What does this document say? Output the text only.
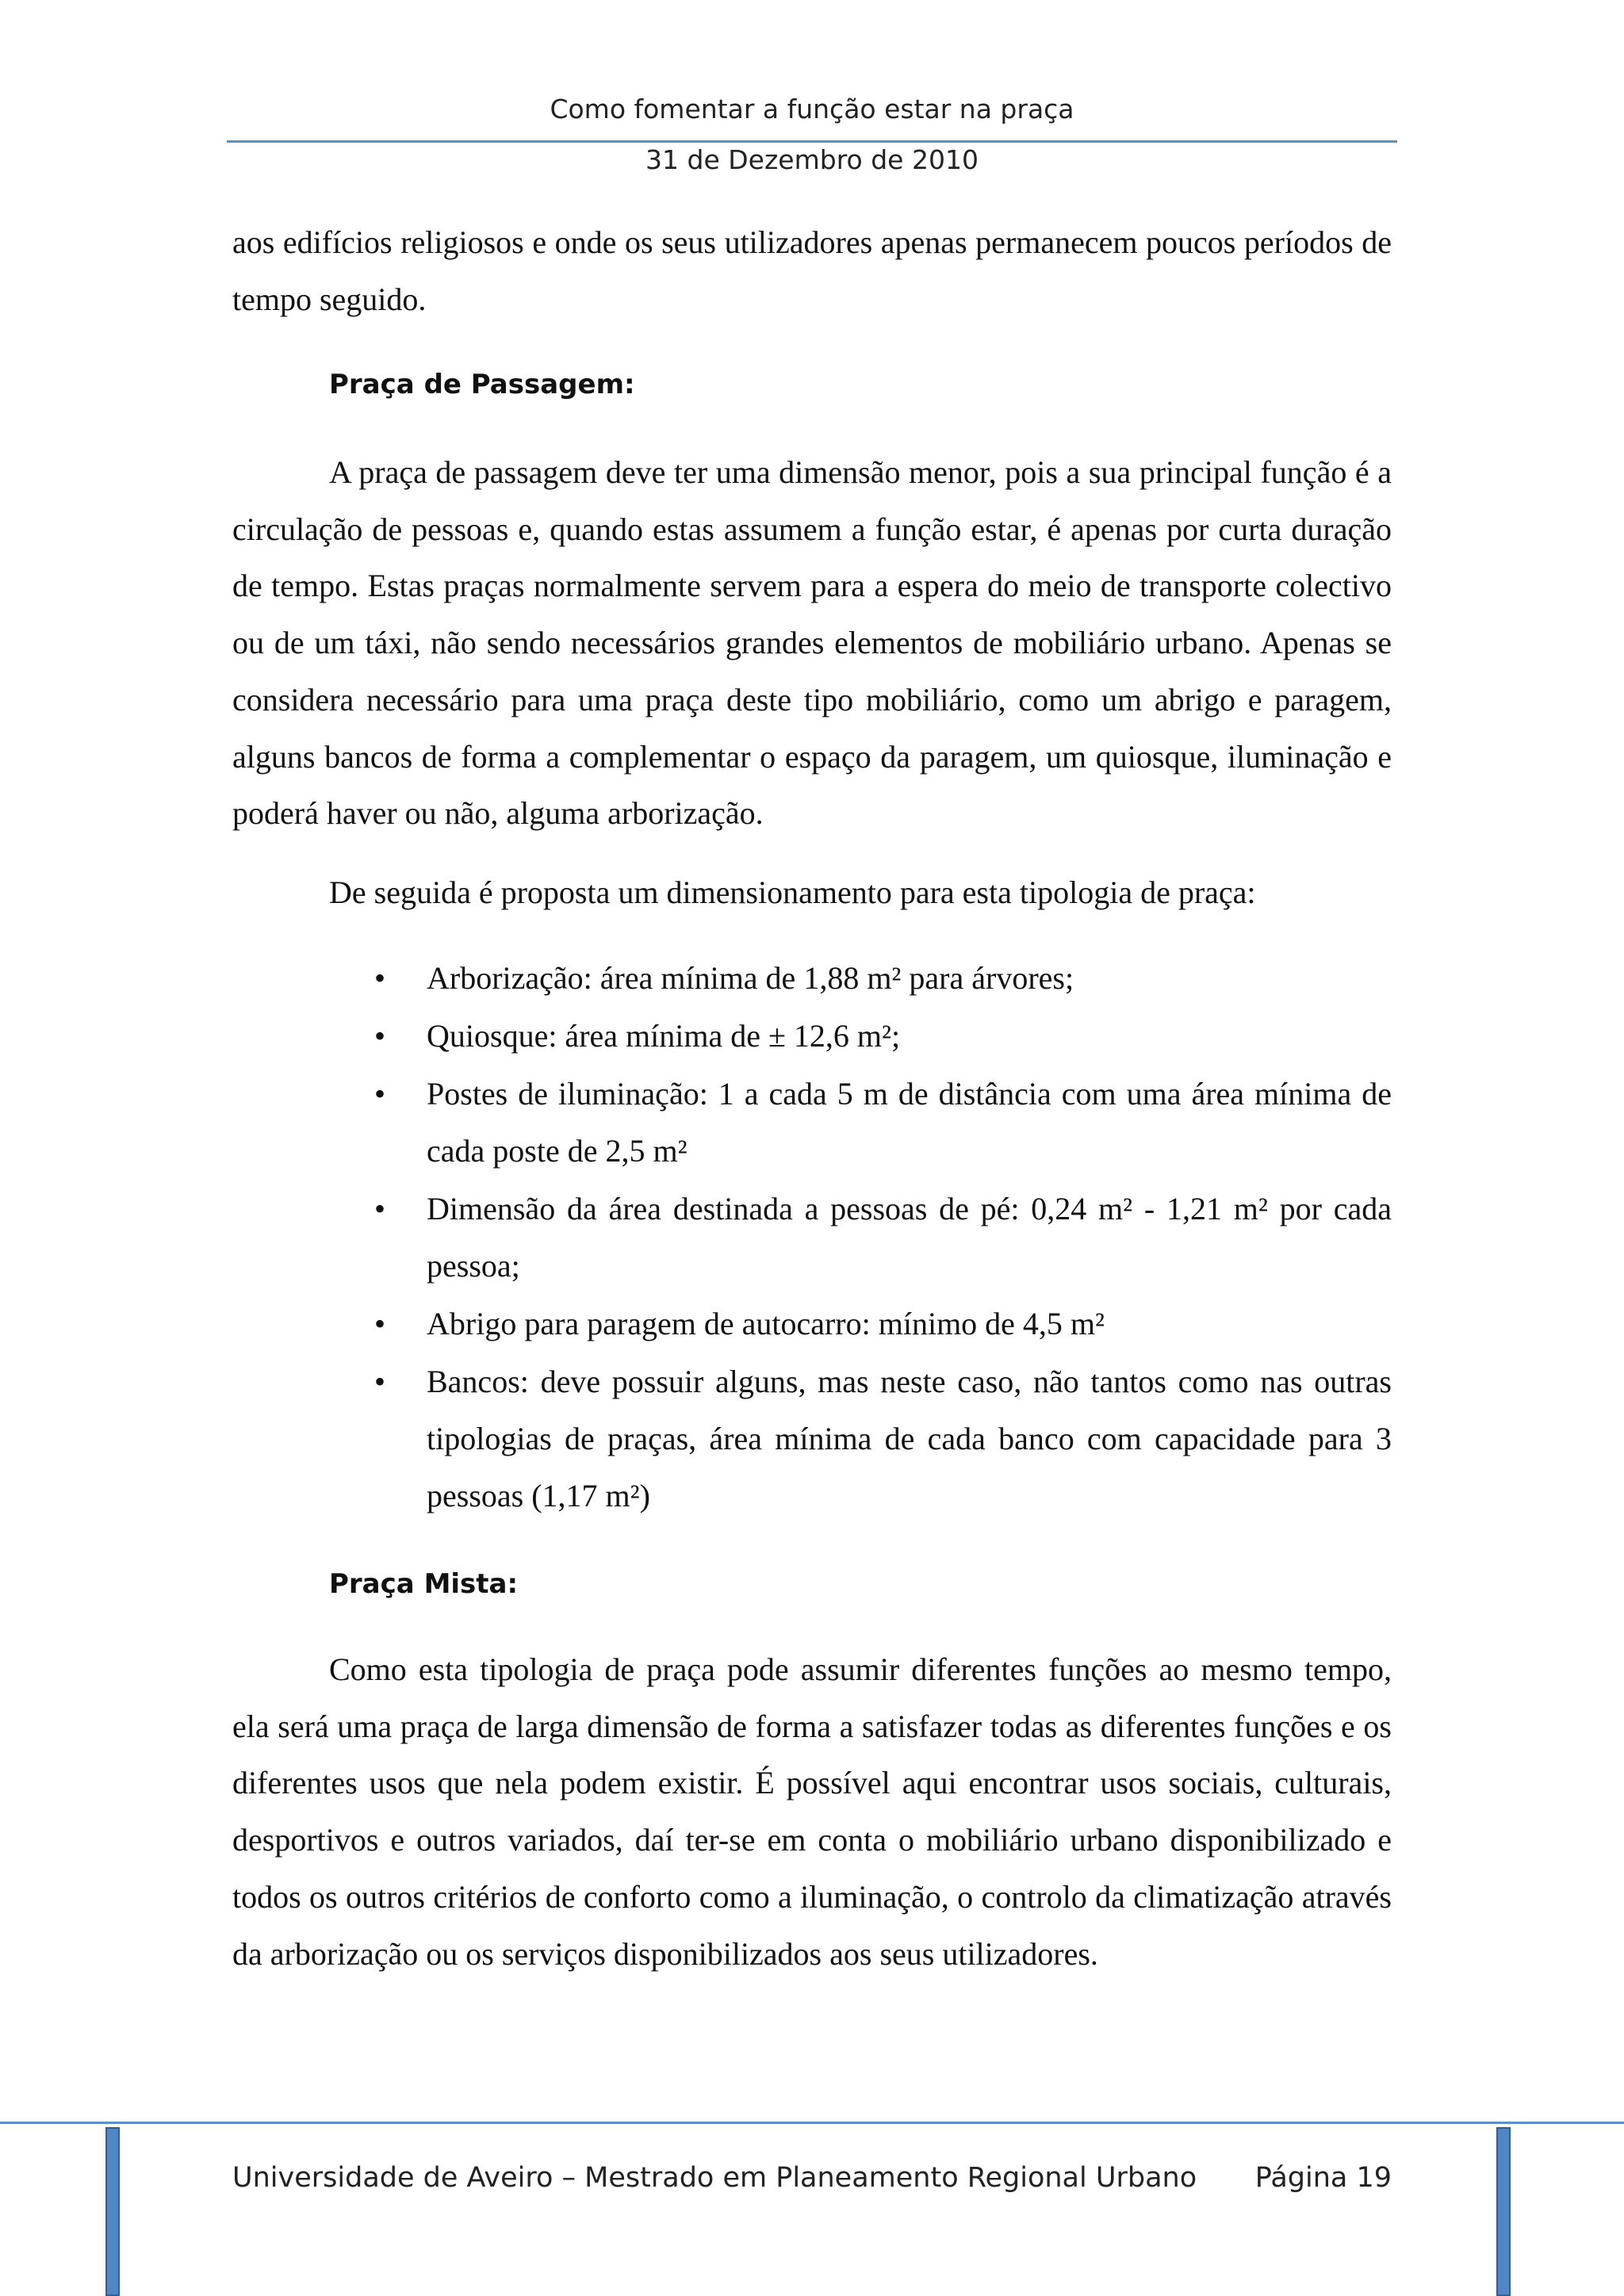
Como fomentar a função estar na praça
31 de Dezembro de 2010

aos edifícios religiosos e onde os seus utilizadores apenas permanecem poucos períodos de tempo seguido.

Praça de Passagem:

A praça de passagem deve ter uma dimensão menor, pois a sua principal função é a circulação de pessoas e, quando estas assumem a função estar, é apenas por curta duração de tempo. Estas praças normalmente servem para a espera do meio de transporte colectivo ou de um táxi, não sendo necessários grandes elementos de mobiliário urbano. Apenas se considera necessário para uma praça deste tipo mobiliário, como um abrigo e paragem, alguns bancos de forma a complementar o espaço da paragem, um quiosque, iluminação e poderá haver ou não, alguma arborização.

De seguida é proposta um dimensionamento para esta tipologia de praça:

• Arborização: área mínima de 1,88 m² para árvores;
• Quiosque: área mínima de ± 12,6 m²;
• Postes de iluminação: 1 a cada 5 m de distância com uma área mínima de cada poste de 2,5 m²
• Dimensão da área destinada a pessoas de pé: 0,24 m² - 1,21 m² por cada pessoa;
• Abrigo para paragem de autocarro: mínimo de 4,5 m²
• Bancos: deve possuir alguns, mas neste caso, não tantos como nas outras tipologias de praças, área mínima de cada banco com capacidade para 3 pessoas (1,17 m²)
Praça Mista:

Como esta tipologia de praça pode assumir diferentes funções ao mesmo tempo, ela será uma praça de larga dimensão de forma a satisfazer todas as diferentes funções e os diferentes usos que nela podem existir. É possível aqui encontrar usos sociais, culturais, desportivos e outros variados, daí ter-se em conta o mobiliário urbano disponibilizado e todos os outros critérios de conforto como a iluminação, o controlo da climatização através da arborização ou os serviços disponibilizados aos seus utilizadores.

Universidade de Aveiro – Mestrado em Planeamento Regional Urbano Página 19
